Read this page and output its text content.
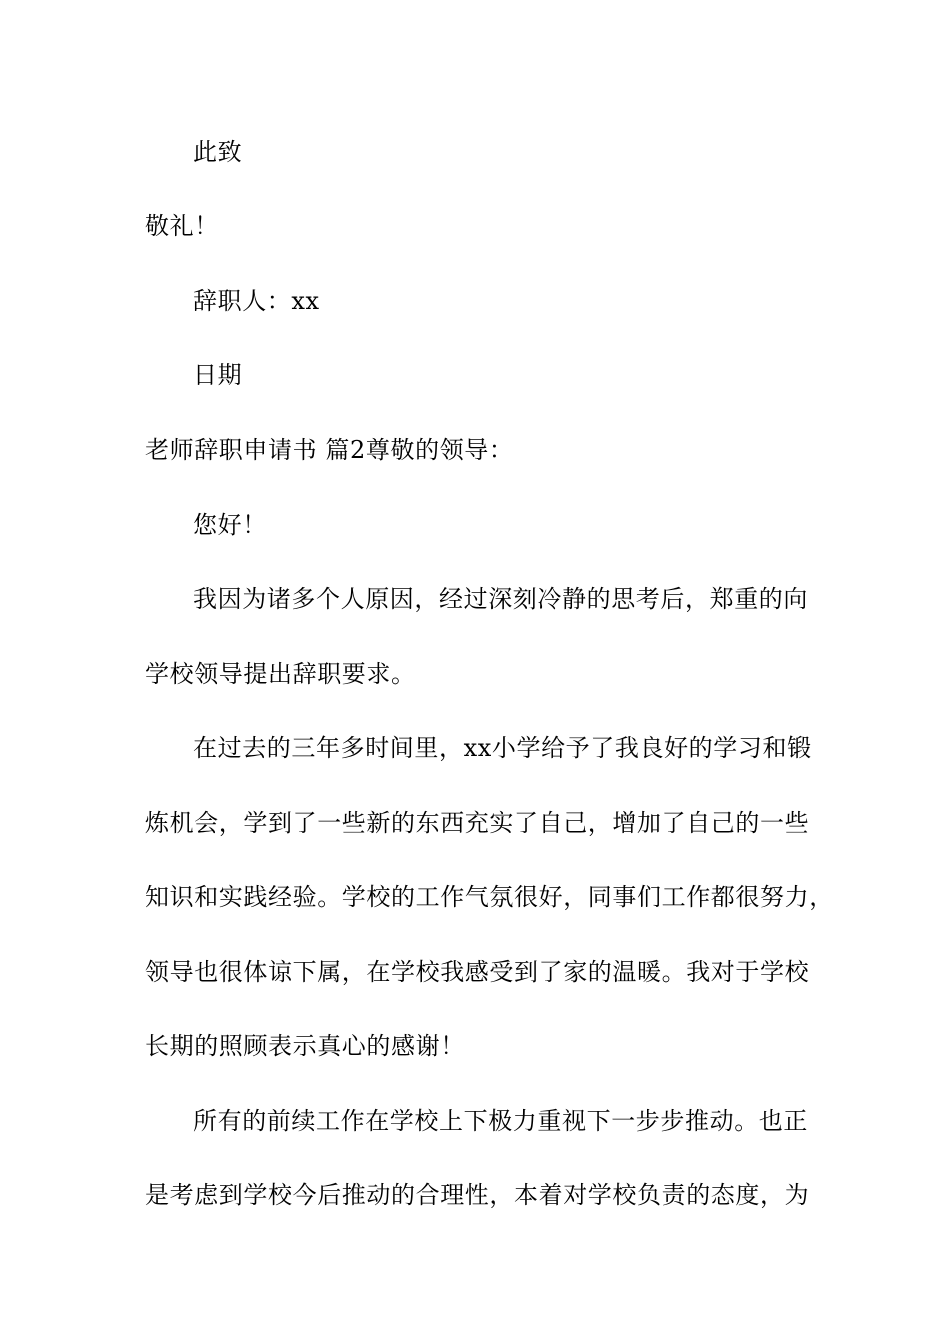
此致
敬礼！
辞职人：xx
日期
老师辞职申请书 篇2尊敬的领导：
您好！
我因为诸多个人原因，经过深刻冷静的思考后，郑重的向
学校领导提出辞职要求。
在过去的三年多时间里，xx小学给予了我良好的学习和锻
炼机会，学到了一些新的东西充实了自己，增加了自己的一些
知识和实践经验。学校的工作气氛很好，同事们工作都很努力，
领导也很体谅下属，在学校我感受到了家的温暖。我对于学校
长期的照顾表示真心的感谢！
所有的前续工作在学校上下极力重视下一步步推动。也正
是考虑到学校今后推动的合理性，本着对学校负责的态度，为
